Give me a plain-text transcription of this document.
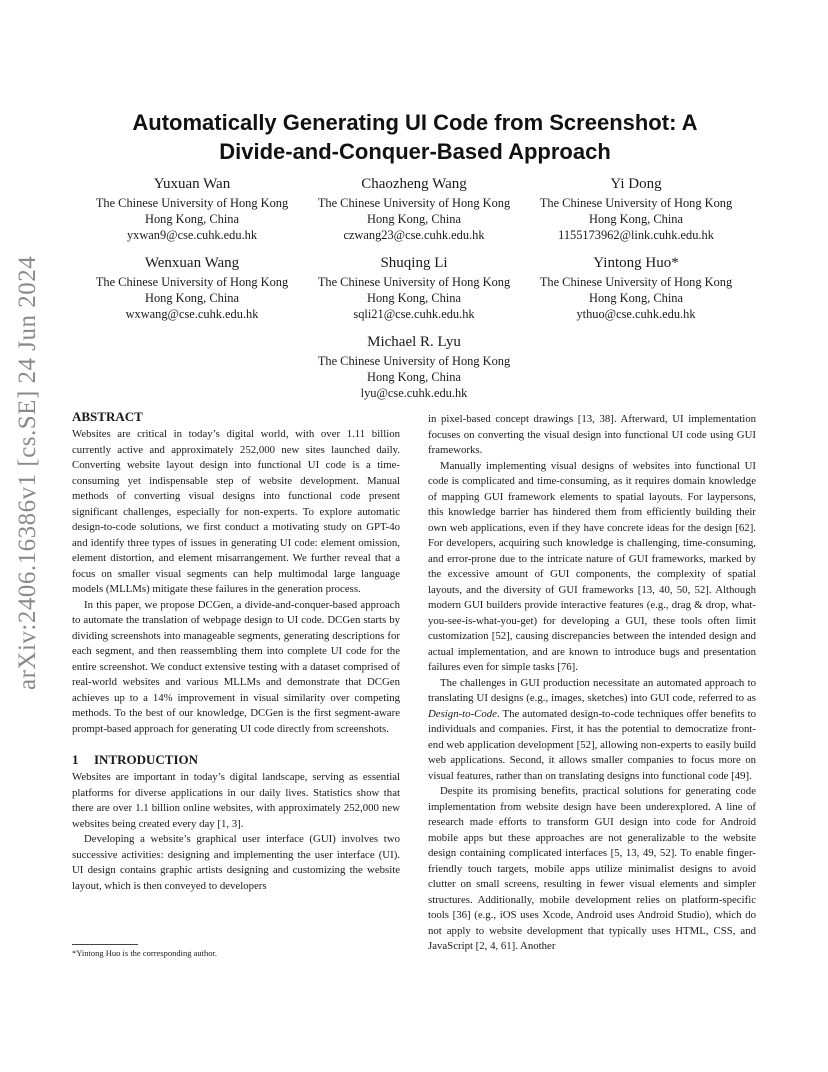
arXiv:2406.16386v1 [cs.SE] 24 Jun 2024
Automatically Generating UI Code from Screenshot: A
Divide-and-Conquer-Based Approach
Yuxuan Wan
The Chinese University of Hong Kong
Hong Kong, China
yxwan9@cse.cuhk.edu.hk
Chaozheng Wang
The Chinese University of Hong Kong
Hong Kong, China
czwang23@cse.cuhk.edu.hk
Yi Dong
The Chinese University of Hong Kong
Hong Kong, China
1155173962@link.cuhk.edu.hk
Wenxuan Wang
The Chinese University of Hong Kong
Hong Kong, China
wxwang@cse.cuhk.edu.hk
Shuqing Li
The Chinese University of Hong Kong
Hong Kong, China
sqli21@cse.cuhk.edu.hk
Yintong Huo*
The Chinese University of Hong Kong
Hong Kong, China
ythuo@cse.cuhk.edu.hk
Michael R. Lyu
The Chinese University of Hong Kong
Hong Kong, China
lyu@cse.cuhk.edu.hk
ABSTRACT

Websites are critical in today’s digital world, with over 1.11 billion currently active and approximately 252,000 new sites launched daily. Converting website layout design into functional UI code is a time-consuming yet indispensable step of website development. Manual methods of converting visual designs into functional code present significant challenges, especially for non-experts. To explore automatic design-to-code solutions, we first conduct a motivating study on GPT-4o and identify three types of issues in generating UI code: element omission, element distortion, and element misarrangement. We further reveal that a focus on smaller visual segments can help multimodal large language models (MLLMs) mitigate these failures in the generation process.

In this paper, we propose DCGen, a divide-and-conquer-based approach to automate the translation of webpage design to UI code. DCGen starts by dividing screenshots into manageable segments, generating descriptions for each segment, and then reassembling them into complete UI code for the entire screenshot. We conduct extensive testing with a dataset comprised of real-world websites and various MLLMs and demonstrate that DCGen achieves up to a 14% improvement in visual similarity over competing methods. To the best of our knowledge, DCGen is the first segment-aware prompt-based approach for generating UI code directly from screenshots.

1 INTRODUCTION

Websites are important in today’s digital landscape, serving as essential platforms for diverse applications in our daily lives. Statistics show that there are over 1.1 billion online websites, with approximately 252,000 new websites being created every day [1, 3].

Developing a website’s graphical user interface (GUI) involves two successive activities: designing and implementing the user interface (UI). UI design contains graphic artists designing and customizing the website layout, which is then conveyed to developers

in pixel-based concept drawings [13, 38]. Afterward, UI implementation focuses on converting the visual design into functional UI code using GUI frameworks.

Manually implementing visual designs of websites into functional UI code is complicated and time-consuming, as it requires domain knowledge of mapping GUI framework elements to spatial layouts. For laypersons, this knowledge barrier has hindered them from efficiently building their own web applications, even if they have concrete ideas for the design [62]. For developers, acquiring such knowledge is challenging, time-consuming, and error-prone due to the intricate nature of GUI frameworks, marked by the excessive amount of GUI components, the complexity of spatial layouts, and the diversity of GUI frameworks [13, 40, 50, 52]. Although modern GUI builders provide interactive features (e.g., drag & drop, what-you-see-is-what-you-get) for developing a GUI, these tools often limit customization [52], causing discrepancies between the intended design and actual implementation, and are known to introduce bugs and presentation failures even for simple tasks [76].

The challenges in GUI production necessitate an automated approach to translating UI designs (e.g., images, sketches) into GUI code, referred to as Design-to-Code. The automated design-to-code techniques offer benefits to individuals and companies. First, it has the potential to democratize front-end web application development [52], allowing non-experts to easily build web applications. Second, it allows smaller companies to focus more on visual features, rather than on translating designs into functional code [49].

Despite its promising benefits, practical solutions for generating code implementation from website design have been underexplored. A line of research made efforts to transform GUI design into code for Android mobile apps but these approaches are not generalizable to the website design containing complicated interfaces [5, 13, 49, 52]. To enable finger-friendly touch targets, mobile apps utilize minimalist designs to avoid clutter on small screens, resulting in fewer visual elements and simpler structures. Additionally, mobile development relies on platform-specific tools [36] (e.g., iOS uses Xcode, Android uses Android Studio), which do not apply to website development that typically uses HTML, CSS, and JavaScript [2, 4, 61]. Another

*Yintong Huo is the corresponding author.
